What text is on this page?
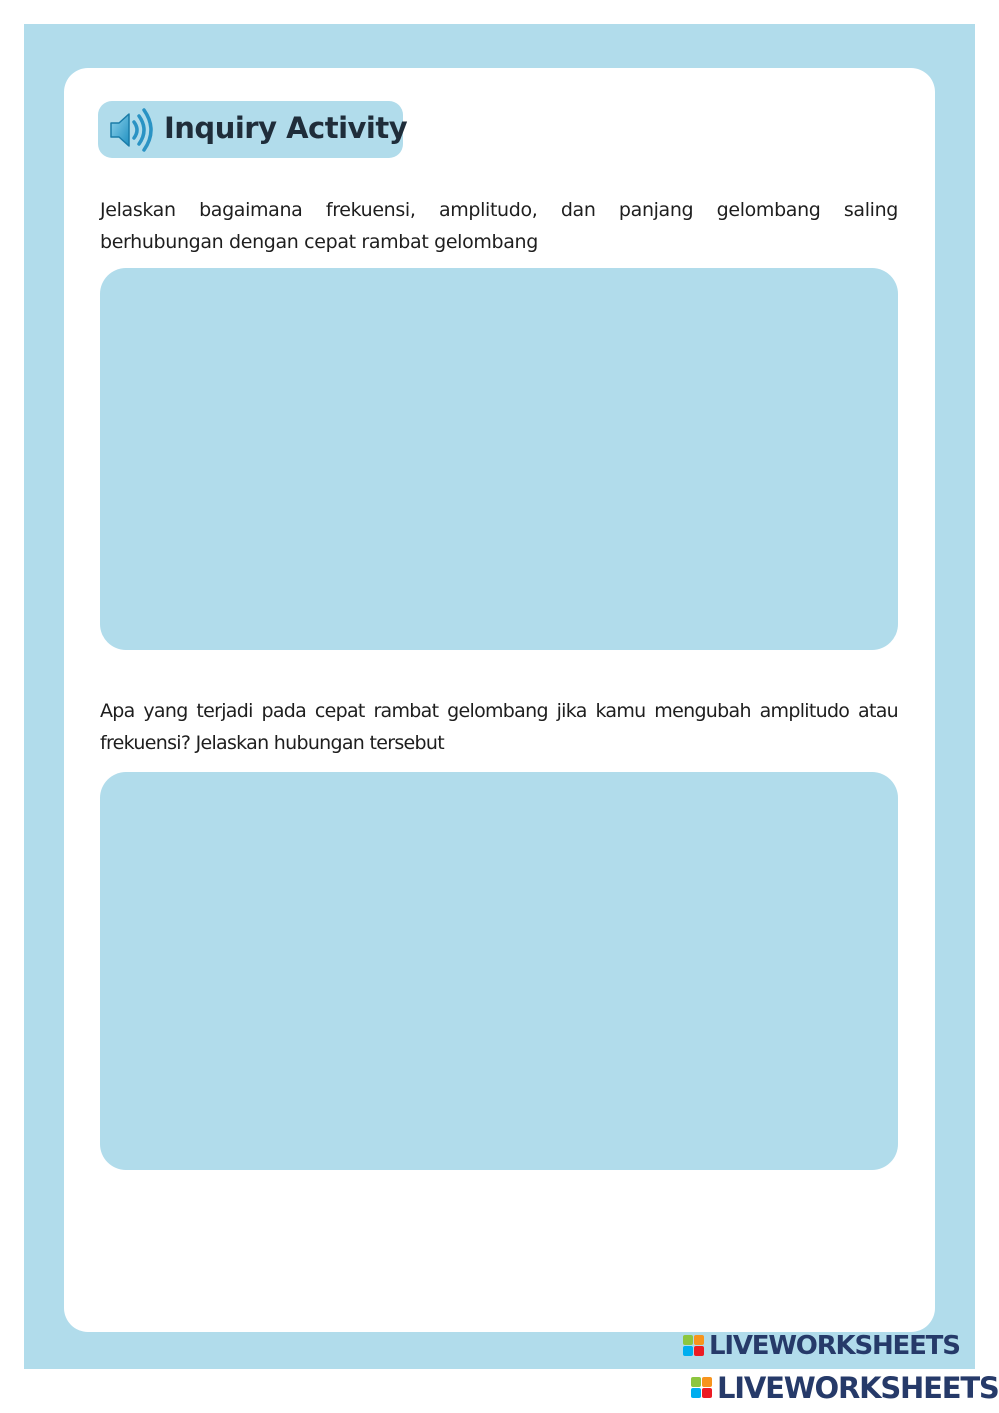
Inquiry Activity

Jelaskan bagaimana frekuensi, amplitudo, dan panjang gelombang saling berhubungan dengan cepat rambat gelombang

Apa yang terjadi pada cepat rambat gelombang jika kamu mengubah amplitudo atau frekuensi? Jelaskan hubungan tersebut

LIVEWORKSHEETS
LIVEWORKSHEETS
